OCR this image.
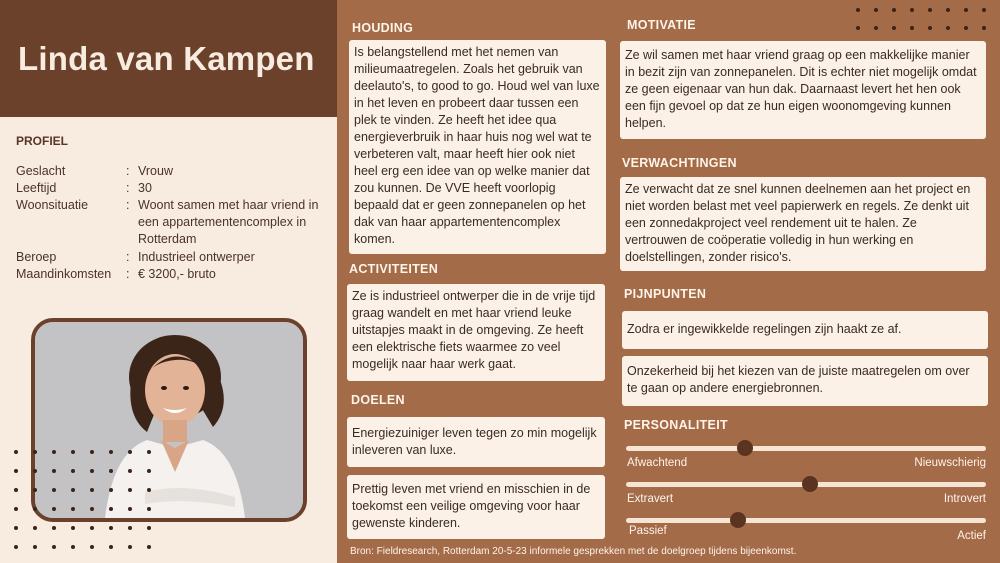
Linda van Kampen
PROFIEL
Geslacht	: Vrouw
Leeftijd	: 30
Woonsituatie	: Woont samen met haar vriend in een appartementencomplex in Rotterdam
Beroep	: Industrieel ontwerper
Maandinkomsten	: € 3200,- bruto
HOUDING
Is belangstellend met het nemen van milieumaatregelen. Zoals het gebruik van deelauto's, to good to go. Houd wel van luxe in het leven en probeert daar tussen een plek te vinden. Ze heeft het idee qua energieverbruik in haar huis nog wel wat te verbeteren valt, maar heeft hier ook niet heel erg een idee van op welke manier dat zou kunnen. De VVE heeft voorlopig bepaald dat er geen zonnepanelen op het dak van haar appartementencomplex komen.
ACTIVITEITEN
Ze is industrieel ontwerper die in de vrije tijd graag wandelt en met haar vriend leuke uitstapjes maakt in de omgeving. Ze heeft een elektrische fiets waarmee zo veel mogelijk naar haar werk gaat.
DOELEN
Energiezuiniger leven tegen zo min mogelijk inleveren van luxe.
Prettig leven met vriend en misschien in de toekomst een veilige omgeving voor haar gewenste kinderen.
MOTIVATIE
Ze wil samen met haar vriend graag op een makkelijke manier in bezit zijn van zonnepanelen. Dit is echter niet mogelijk omdat ze geen eigenaar van hun dak. Daarnaast levert het hen ook een fijn gevoel op dat ze hun eigen woonomgeving kunnen helpen.
VERWACHTINGEN
Ze verwacht dat ze snel kunnen deelnemen aan het project en niet worden belast met veel papierwerk en regels. Ze denkt uit een zonnedakproject veel rendement uit te halen. Ze vertrouwen de coöperatie volledig in hun werking en doelstellingen, zonder risico's.
PIJNPUNTEN
Zodra er ingewikkelde regelingen zijn haakt ze af.
Onzekerheid bij het kiezen van de juiste maatregelen om over te gaan op andere energiebronnen.
PERSONALITEIT
Afwachtend	Nieuwschierig
Extravert	Introvert
Passief	Actief
Bron: Fieldresearch, Rotterdam 20-5-23 informele gesprekken met de doelgroep tijdens bijeenkomst.
